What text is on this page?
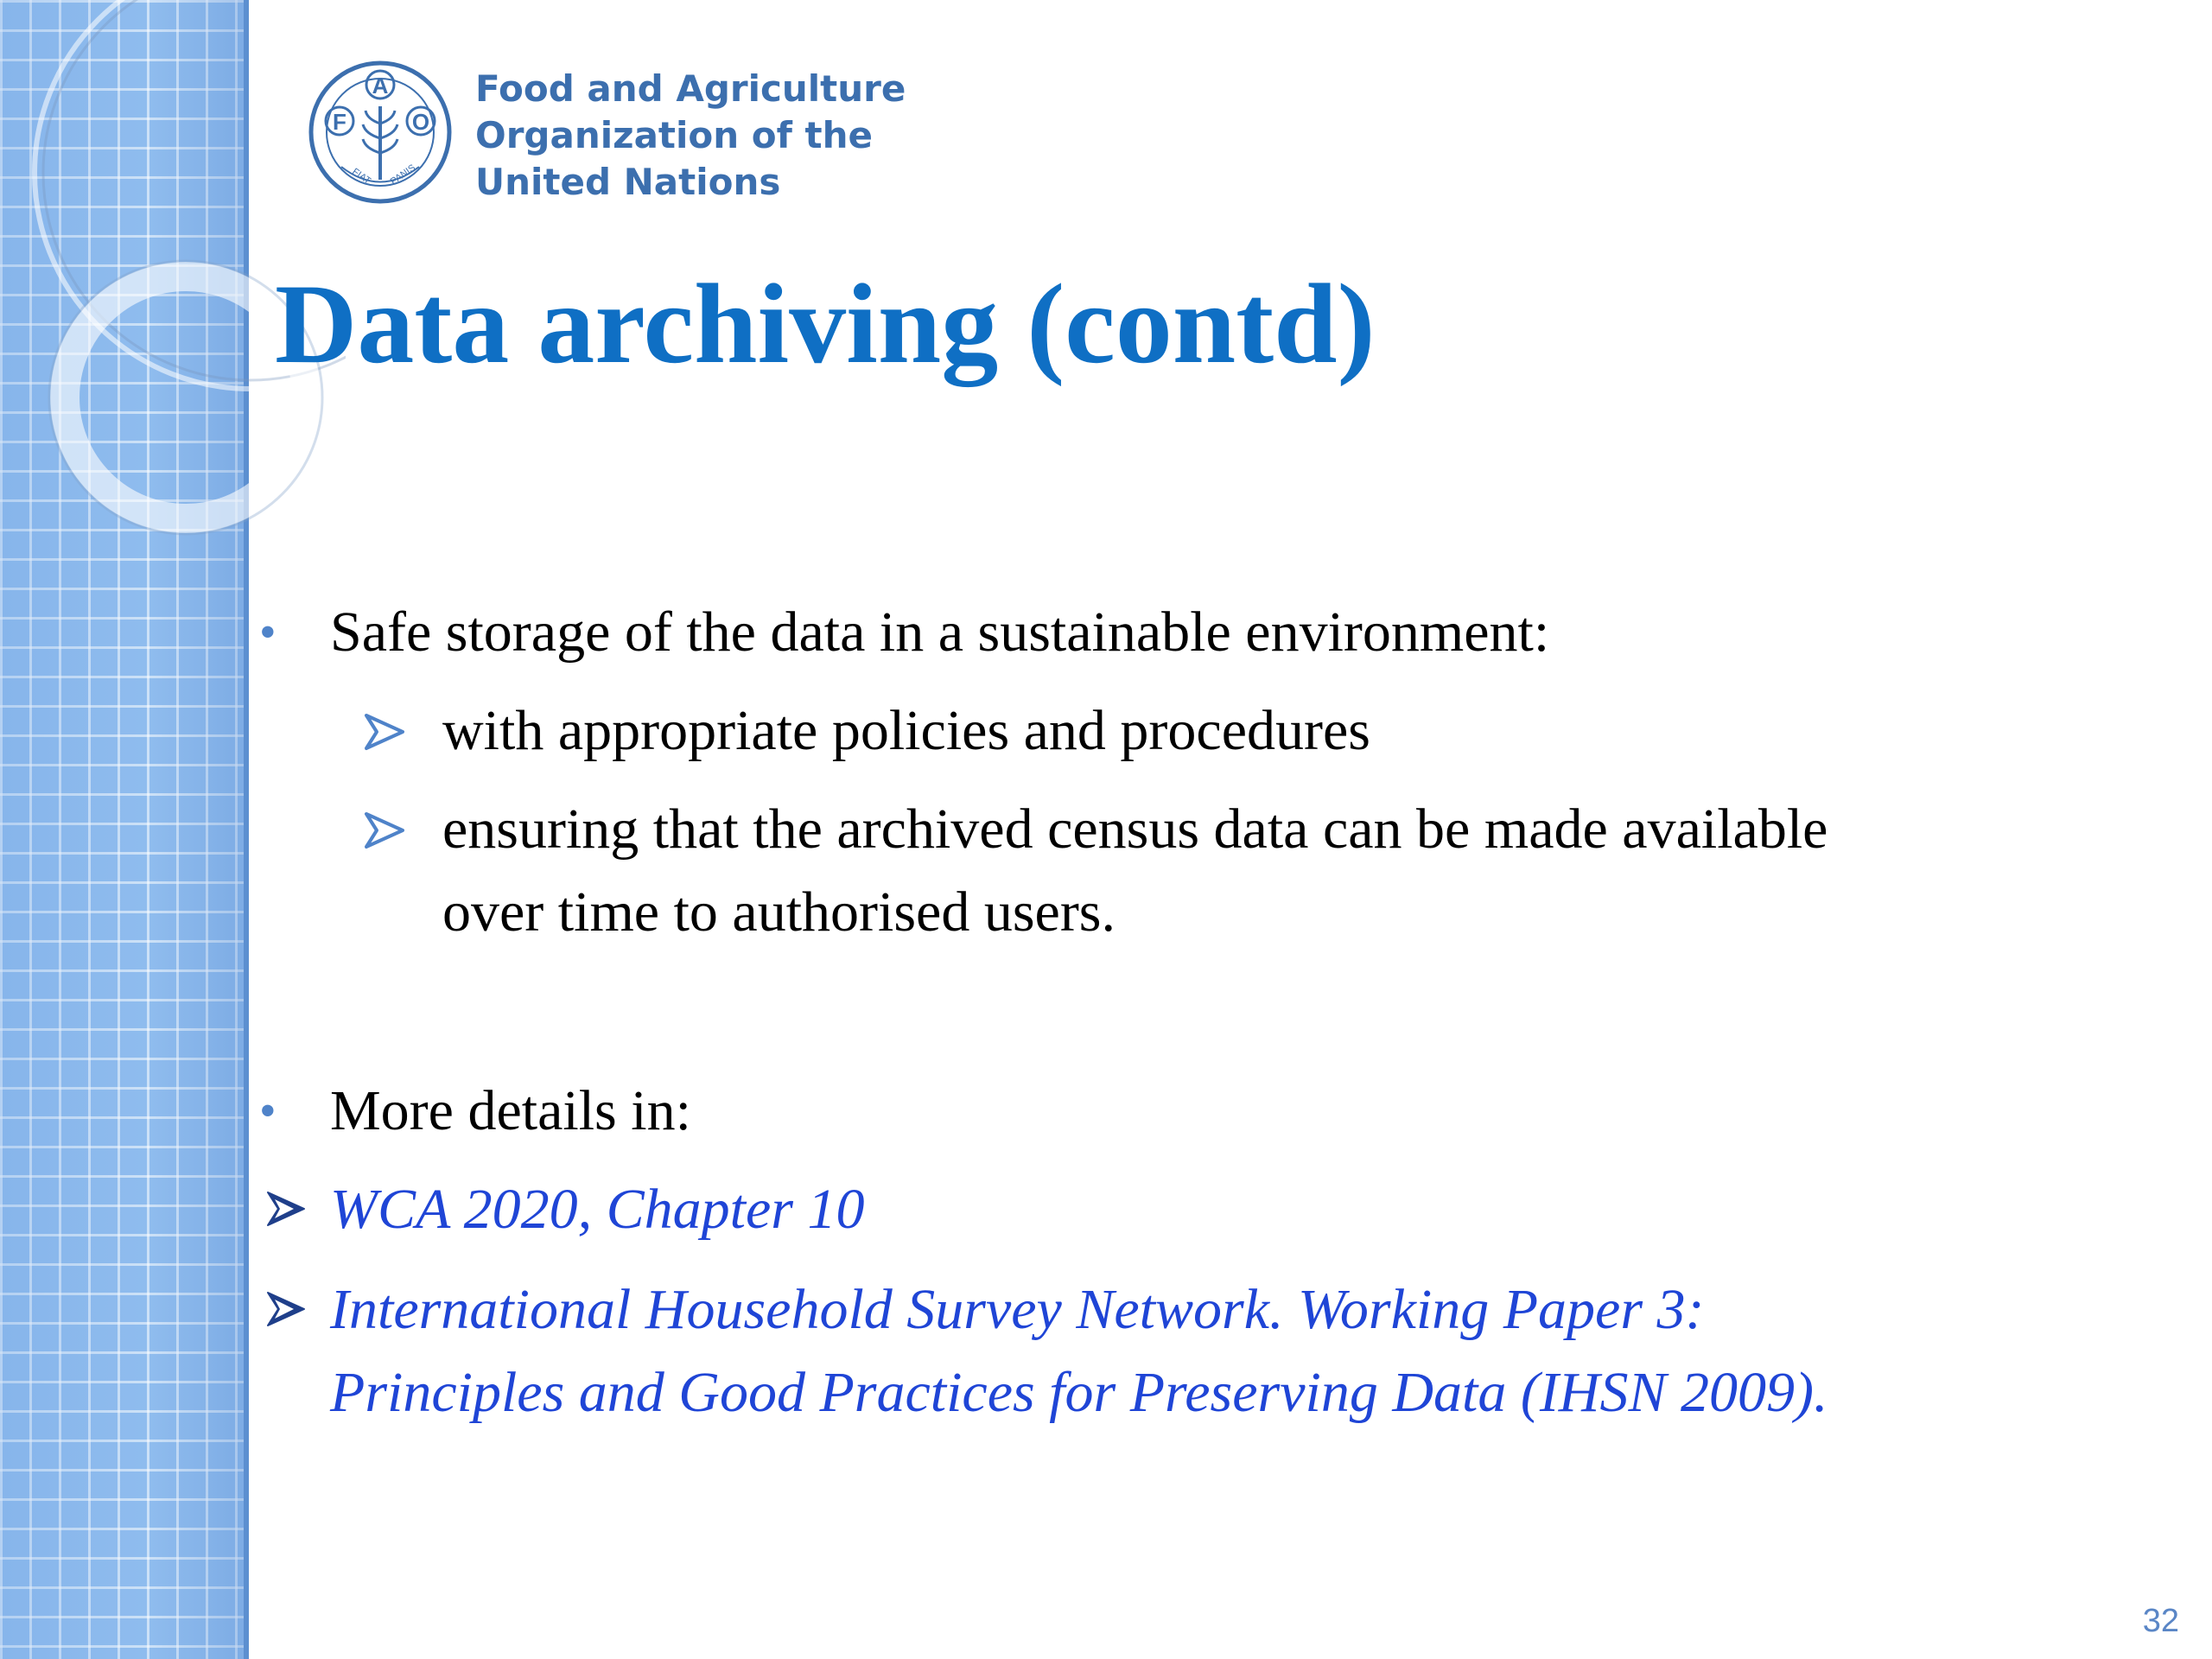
A
F	O
FIAT PANIS
Food and Agriculture
Organization of the
United Nations
Data archiving (contd)
• Safe storage of the data in a sustainable environment:
with appropriate policies and procedures
ensuring that the archived census data can be made available
over time to authorised users.
• More details in:
WCA 2020, Chapter 10
International Household Survey Network. Working Paper 3:
Principles and Good Practices for Preserving Data (IHSN 2009).
32
